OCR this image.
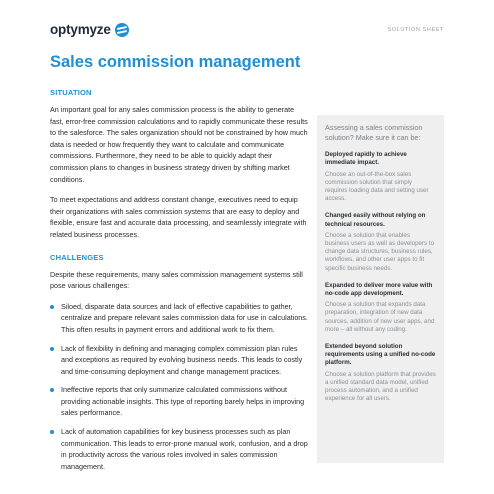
optymyze	SOLUTION SHEET
Sales commission management
SITUATION

An important goal for any sales commission process is the ability to generate fast, error-free commission calculations and to rapidly communicate these results to the salesforce. The sales organization should not be constrained by how much data is needed or how frequently they want to calculate and communicate commissions. Furthermore, they need to be able to quickly adapt their commission plans to changes in business strategy driven by shifting market conditions.

To meet expectations and address constant change, executives need to equip their organizations with sales commission systems that are easy to deploy and flexible, ensure fast and accurate data processing, and seamlessly integrate with related business processes.

CHALLENGES

Despite these requirements, many sales commission management systems still pose various challenges:

Siloed, disparate data sources and lack of effective capabilities to gather, centralize and prepare relevant sales commission data for use in calculations. This often results in payment errors and additional work to fix them.
Lack of flexibility in defining and managing complex commission plan rules and exceptions as required by evolving business needs. This leads to costly and time-consuming deployment and change management practices.
Ineffective reports that only summarize calculated commissions without providing actionable insights. This type of reporting barely helps in improving sales performance.
Lack of automation capabilities for key business processes such as plan communication. This leads to error-prone manual work, confusion, and a drop in productivity across the various roles involved in sales commission management.
Assessing a sales commission solution? Make sure it can be:
Deployed rapidly to achieve immediate impact.
Choose an out-of-the-box sales commission solution that simply requires loading data and setting user access.
Changed easily without relying on technical resources.
Choose a solution that enables business users as well as developers to change data structures, business rules, workflows, and other user apps to fit specific business needs.
Expanded to deliver more value with no-code app development.
Choose a solution that expands data preparation, integration of new data sources, addition of new user apps, and more – all without any coding.
Extended beyond solution requirements using a unified no-code platform.
Choose a solution platform that provides a unified standard data model, unified process automation, and a unified experience for all users.
